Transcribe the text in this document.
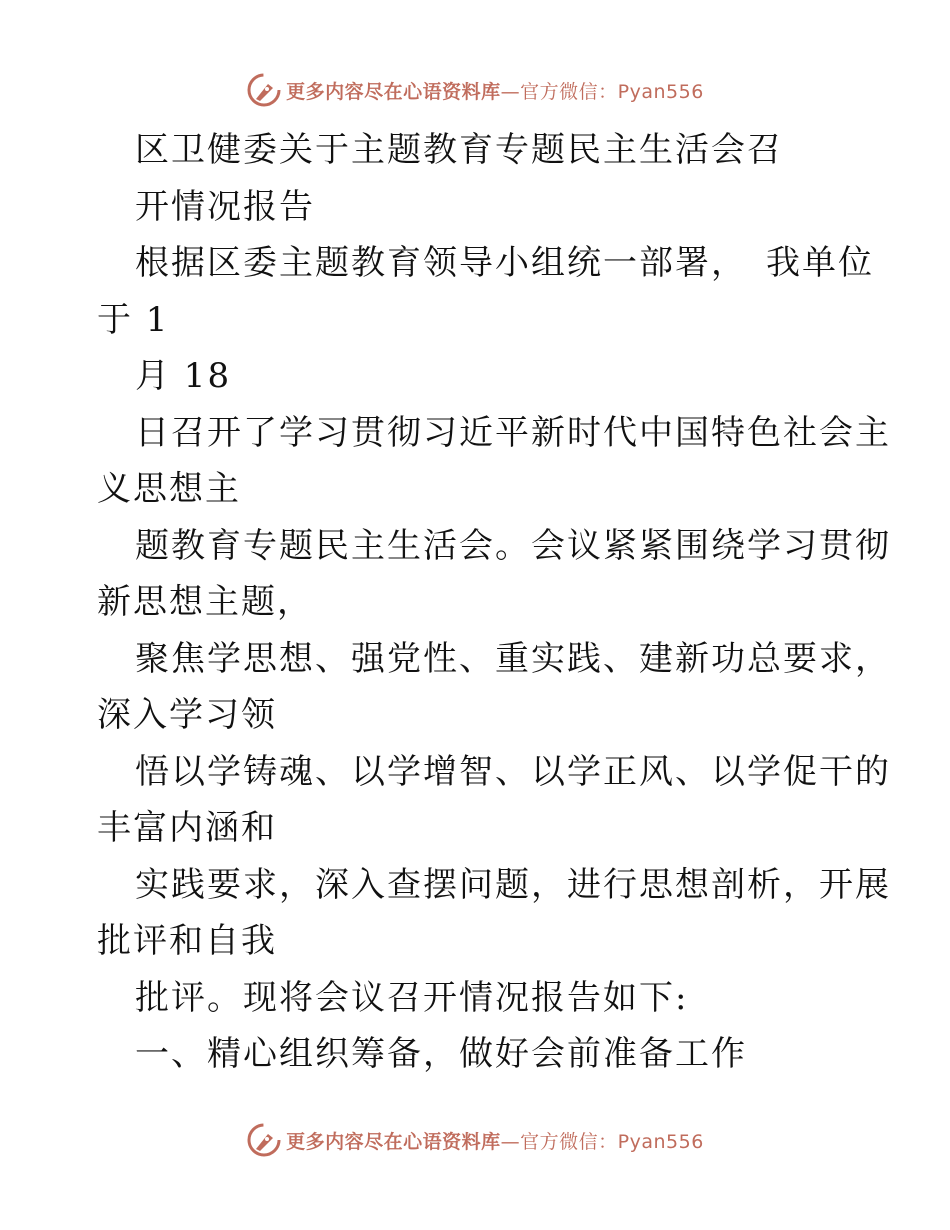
更多内容尽在心语资料库—官方微信：Pyan556
区卫健委关于主题教育专题民主生活会召
开情况报告
根据区委主题教育领导小组统一部署，　我单位
于 1
月 18
日召开了学习贯彻习近平新时代中国特色社会主
义思想主
题教育专题民主生活会。会议紧紧围绕学习贯彻
新思想主题，
聚焦学思想、强党性、重实践、建新功总要求，
深入学习领
悟以学铸魂、以学增智、以学正风、以学促干的
丰富内涵和
实践要求，深入查摆问题，进行思想剖析，开展
批评和自我
批评。现将会议召开情况报告如下:
一、精心组织筹备，做好会前准备工作
更多内容尽在心语资料库—官方微信：Pyan556
